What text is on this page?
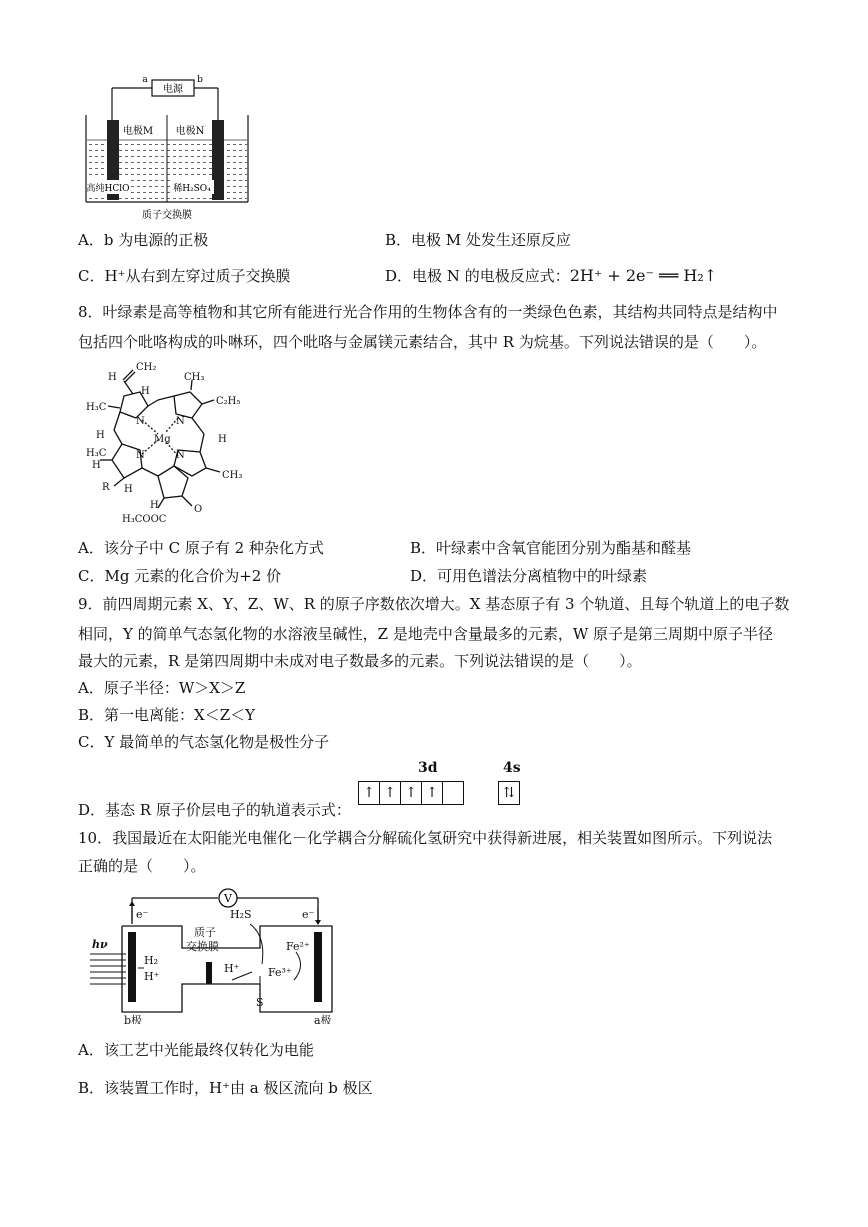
电源
a	b
电极M 电极N
高纯HClO	稀H₂SO₄
质子交换膜
A．b 为电源的正极	B．电极 M 处发生还原反应
C．H⁺从右到左穿过质子交换膜	D．电极 N 的电极反应式：2H⁺ + 2e⁻ ══ H₂↑
8．叶绿素是高等植物和其它所有能进行光合作用的生物体含有的一类绿色色素，其结构共同特点是结构中
包括四个吡咯构成的卟啉环，四个吡咯与金属镁元素结合，其中 R 为烷基。下列说法错误的是（　　）。
CH₂
H
H
CH₃
H₃C
C₂H₅
N	N
Mg
H	H
N	N
H₃C
H
R H
CH₃
H	O
H₃COOC
A．该分子中 C 原子有 2 种杂化方式	B．叶绿素中含氧官能团分别为酯基和醛基
C．Mg 元素的化合价为+2 价	D．可用色谱法分离植物中的叶绿素
9．前四周期元素 X、Y、Z、W、R 的原子序数依次增大。X 基态原子有 3 个轨道、且每个轨道上的电子数
相同，Y 的简单气态氢化物的水溶液呈碱性，Z 是地壳中含量最多的元素，W 原子是第三周期中原子半径
最大的元素，R 是第四周期中未成对电子数最多的元素。下列说法错误的是（　　）。
A．原子半径：W＞X＞Z
B．第一电离能：X＜Z＜Y
C．Y 最简单的气态氢化物是极性分子
D．基态 R 原子价层电子的轨道表示式：
3d	4s
↑ ↑ ↑ ↑	⇅
10．我国最近在太阳能光电催化－化学耦合分解硫化氢研究中获得新进展，相关装置如图所示。下列说法
正确的是（　　）。
V
e⁻	e⁻
hν
H₂S
质子
交换膜
H₂
H⁺
H⁺
Fe²⁺
Fe³⁺
S
b极	a极
A．该工艺中光能最终仅转化为电能
B．该装置工作时，H⁺由 a 极区流向 b 极区
